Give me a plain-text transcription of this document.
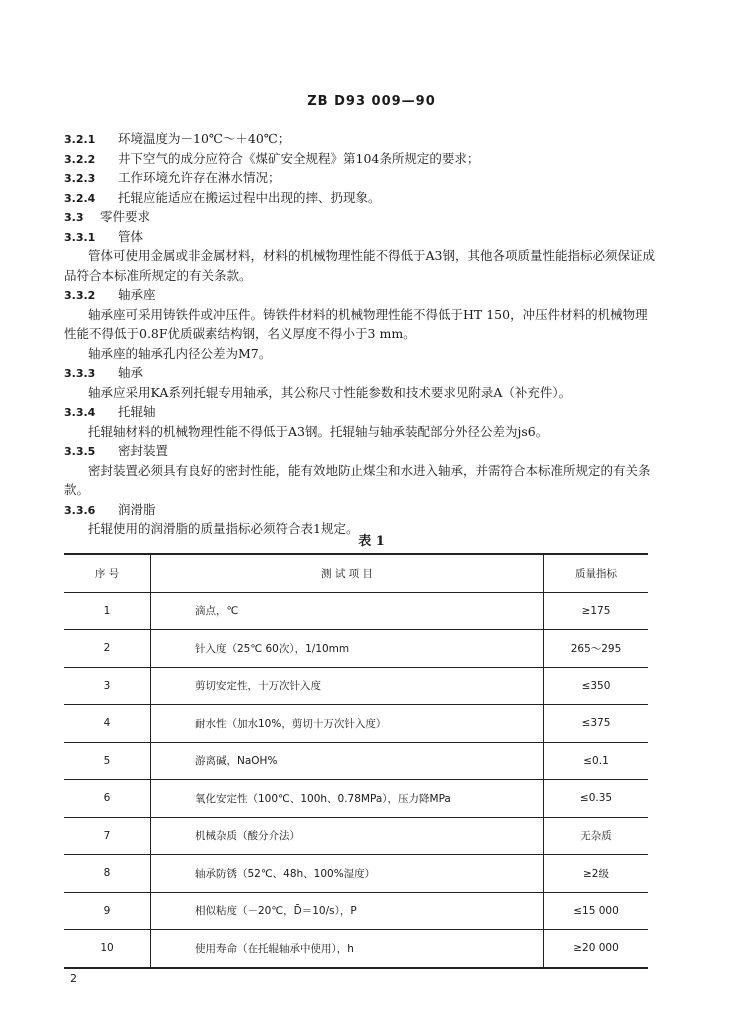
ZB D93 009—90
3.2.1 环境温度为－10℃～＋40℃；
3.2.2 井下空气的成分应符合《煤矿安全规程》第104条所规定的要求；
3.2.3 工作环境允许存在淋水情况；
3.2.4 托辊应能适应在搬运过程中出现的摔、扔现象。
3.3 零件要求
3.3.1 管体
管体可使用金属或非金属材料，材料的机械物理性能不得低于A3钢，其他各项质量性能指标必须保证成品符合本标准所规定的有关条款。
3.3.2 轴承座
轴承座可采用铸铁件或冲压件。铸铁件材料的机械物理性能不得低于HT 150，冲压件材料的机械物理性能不得低于0.8F优质碳素结构钢，名义厚度不得小于3 mm。
轴承座的轴承孔内径公差为M7。
3.3.3 轴承
轴承应采用KA系列托辊专用轴承，其公称尺寸性能参数和技术要求见附录A（补充件）。
3.3.4 托辊轴
托辊轴材料的机械物理性能不得低于A3钢。托辊轴与轴承装配部分外径公差为js6。
3.3.5 密封装置
密封装置必须具有良好的密封性能，能有效地防止煤尘和水进入轴承，并需符合本标准所规定的有关条款。
3.3.6 润滑脂
托辊使用的润滑脂的质量指标必须符合表1规定。
表 1
序 号	测 试 项 目	质量指标
1	滴点，℃	≥175
2	针入度（25℃ 60次），1/10mm	265～295
3	剪切安定性，十万次针入度	≤350
4	耐水性（加水10%，剪切十万次针入度）	≤375
5	游离碱，NaOH%	≤0.1
6	氧化安定性（100℃、100h、0.78MPa），压力降MPa	≤0.35
7	机械杂质（酸分介法）	无杂质
8	轴承防锈（52℃、48h、100%湿度）	≥2级
9	相似粘度（－20℃，D̄＝10/s），P	≤15 000
10	使用寿命（在托辊轴承中使用），h	≥20 000
2
